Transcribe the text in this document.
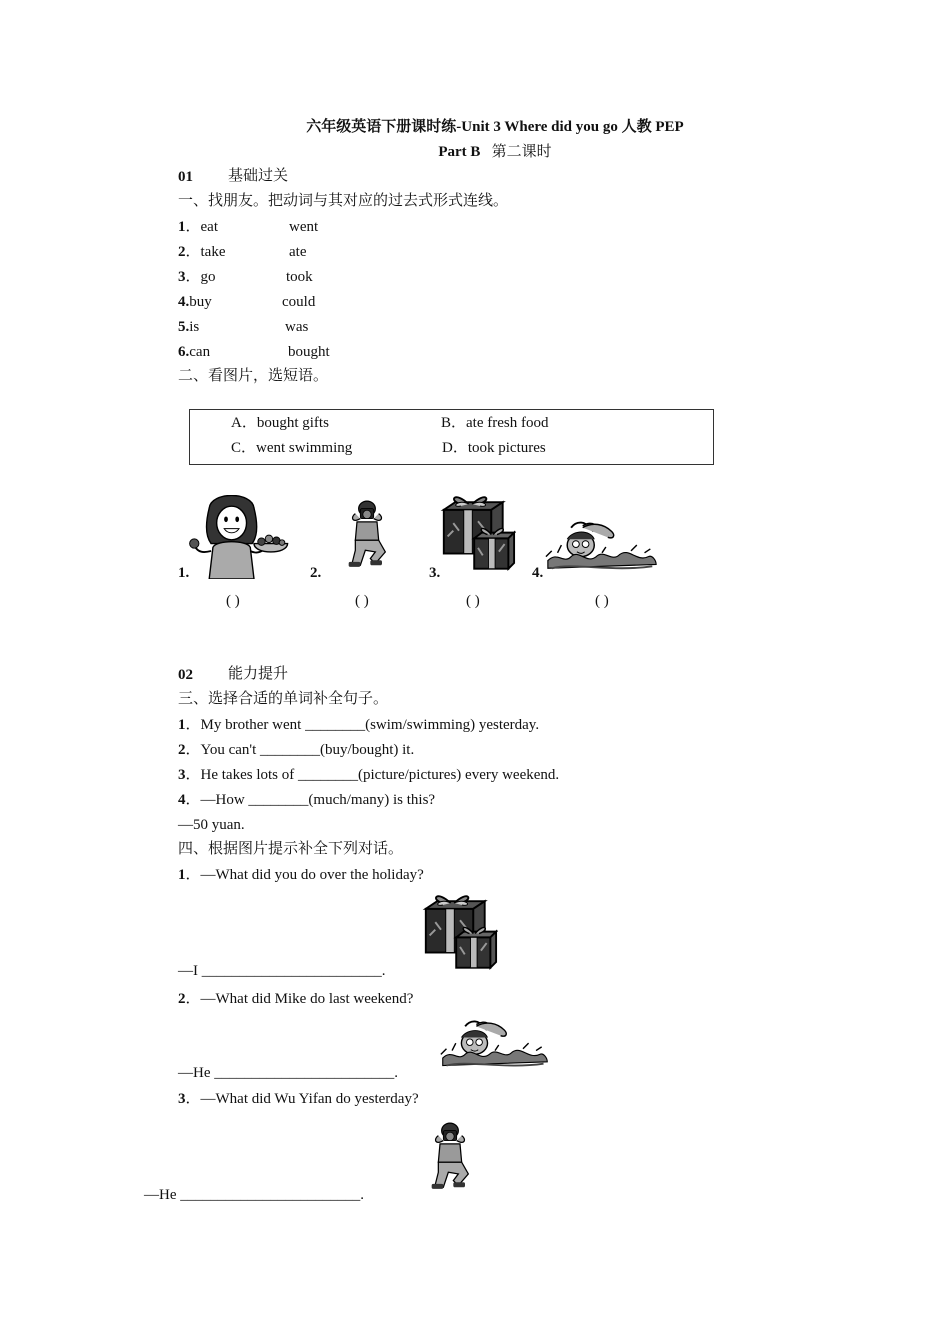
六年级英语下册课时练-Unit 3 Where did you go 人教 PEP
Part B 第二课时
01 基础过关
一、找朋友。把动词与其对应的过去式形式连线。
1．eat	went
2．take	ate
3．go	took
4.buy	could
5.is	was
6.can	bought
二、看图片，选短语。
A．bought gifts	B．ate fresh food
C．went swimming	D．took pictures
1.	2.	3.	4.
( )	( )	( )	( )
02 能力提升
三、选择合适的单词补全句子。
1．My brother went ________(swim/swimming) yesterday.
2．You can't ________(buy/bought) it.
3．He takes lots of ________(picture/pictures) every weekend.
4．—How ________(much/many) is this?
—50 yuan.
四、根据图片提示补全下列对话。
1．—What did you do over the holiday?
—I ________________________.
2．—What did Mike do last weekend?
—He ________________________.
3．—What did Wu Yifan do yesterday?
—He ________________________.
